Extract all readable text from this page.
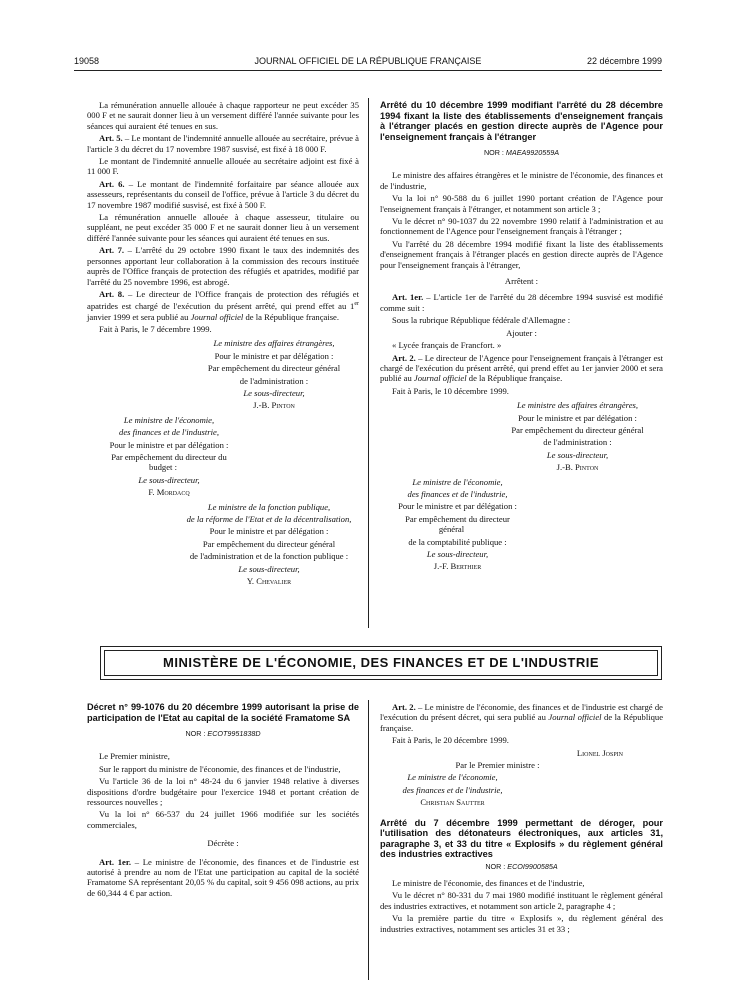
19058	JOURNAL OFFICIEL DE LA RÉPUBLIQUE FRANÇAISE	22 décembre 1999

La rémunération annuelle allouée à chaque rapporteur ne peut excéder 35 000 F et ne saurait donner lieu à un versement différé l'année suivante pour les séances qui auraient été tenues en sus.

Art. 5. – Le montant de l'indemnité annuelle allouée au secrétaire, prévue à l'article 3 du décret du 17 novembre 1987 susvisé, est fixé à 18 000 F.

Le montant de l'indemnité annuelle allouée au secrétaire adjoint est fixé à 11 000 F.

Art. 6. – Le montant de l'indemnité forfaitaire par séance allouée aux assesseurs, représentants du conseil de l'office, prévue à l'article 3 du décret du 17 novembre 1987 modifié susvisé, est fixé à 500 F.

La rémunération annuelle allouée à chaque assesseur, titulaire ou suppléant, ne peut excéder 35 000 F et ne saurait donner lieu à un versement différé l'année suivante pour les séances qui auraient été tenues en sus.

Art. 7. – L'arrêté du 29 octobre 1990 fixant le taux des indemnités des personnes apportant leur collaboration à la commission des recours instituée auprès de l'Office français de protection des réfugiés et apatrides, modifié par l'arrêté du 25 novembre 1996, est abrogé.

Art. 8. – Le directeur de l'Office français de protection des réfugiés et apatrides est chargé de l'exécution du présent arrêté, qui prend effet au 1er janvier 1999 et sera publié au Journal officiel de la République française.

Fait à Paris, le 7 décembre 1999.

Le ministre des affaires étrangères,

Pour le ministre et par délégation :

Par empêchement du directeur général

de l'administration :

Le sous-directeur,

J.-B. Pinton

Le ministre de l'économie,

des finances et de l'industrie,

Pour le ministre et par délégation :

Par empêchement du directeur du budget :

Le sous-directeur,

F. Mordacq

Le ministre de la fonction publique,

de la réforme de l'Etat et de la décentralisation,

Pour le ministre et par délégation :

Par empêchement du directeur général

de l'administration et de la fonction publique :

Le sous-directeur,

Y. Chevalier

Arrêté du 10 décembre 1999 modifiant l'arrêté du 28 décembre 1994 fixant la liste des établissements d'enseignement français à l'étranger placés en gestion directe auprès de l'Agence pour l'enseignement français à l'étranger

NOR : MAEA9920559A

Le ministre des affaires étrangères et le ministre de l'économie, des finances et de l'industrie,

Vu la loi n° 90-588 du 6 juillet 1990 portant création de l'Agence pour l'enseignement français à l'étranger, et notamment son article 3 ;

Vu le décret n° 90-1037 du 22 novembre 1990 relatif à l'administration et au fonctionnement de l'Agence pour l'enseignement français à l'étranger ;

Vu l'arrêté du 28 décembre 1994 modifié fixant la liste des établissements d'enseignement français à l'étranger placés en gestion directe auprès de l'Agence pour l'enseignement français à l'étranger,

Arrêtent :

Art. 1er. – L'article 1er de l'arrêté du 28 décembre 1994 susvisé est modifié comme suit :

Sous la rubrique République fédérale d'Allemagne :

Ajouter :

« Lycée français de Francfort. »

Art. 2. – Le directeur de l'Agence pour l'enseignement français à l'étranger est chargé de l'exécution du présent arrêté, qui prend effet au 1er janvier 2000 et sera publié au Journal officiel de la République française.

Fait à Paris, le 10 décembre 1999.

Le ministre des affaires étrangères,

Pour le ministre et par délégation :

Par empêchement du directeur général

de l'administration :

Le sous-directeur,

J.-B. Pinton

Le ministre de l'économie,

des finances et de l'industrie,

Pour le ministre et par délégation :

Par empêchement du directeur général

de la comptabilité publique :

Le sous-directeur,

J.-F. Berthier

MINISTÈRE DE L'ÉCONOMIE, DES FINANCES ET DE L'INDUSTRIE

Décret n° 99-1076 du 20 décembre 1999 autorisant la prise de participation de l'Etat au capital de la société Framatome SA

NOR : ECOT9951838D

Le Premier ministre,

Sur le rapport du ministre de l'économie, des finances et de l'industrie,

Vu l'article 36 de la loi n° 48-24 du 6 janvier 1948 relative à diverses dispositions d'ordre budgétaire pour l'exercice 1948 et portant création de ressources nouvelles ;

Vu la loi n° 66-537 du 24 juillet 1966 modifiée sur les sociétés commerciales,

Décrète :

Art. 1er. – Le ministre de l'économie, des finances et de l'industrie est autorisé à prendre au nom de l'Etat une participation au capital de la société Framatome SA représentant 20,05 % du capital, soit 9 456 098 actions, au prix de 60,344 4 € par action.

Art. 2. – Le ministre de l'économie, des finances et de l'industrie est chargé de l'exécution du présent décret, qui sera publié au Journal officiel de la République française.

Fait à Paris, le 20 décembre 1999.

Lionel Jospin

Par le Premier ministre :

Le ministre de l'économie,

des finances et de l'industrie,

Christian Sautter

Arrêté du 7 décembre 1999 permettant de déroger, pour l'utilisation des détonateurs électroniques, aux articles 31, paragraphe 3, et 33 du titre « Explosifs » du règlement général des industries extractives

NOR : ECOI9900585A

Le ministre de l'économie, des finances et de l'industrie,

Vu le décret n° 80-331 du 7 mai 1980 modifié instituant le règlement général des industries extractives, et notamment son article 2, paragraphe 4 ;

Vu la première partie du titre « Explosifs », du règlement général des industries extractives, notamment ses articles 31 et 33 ;
